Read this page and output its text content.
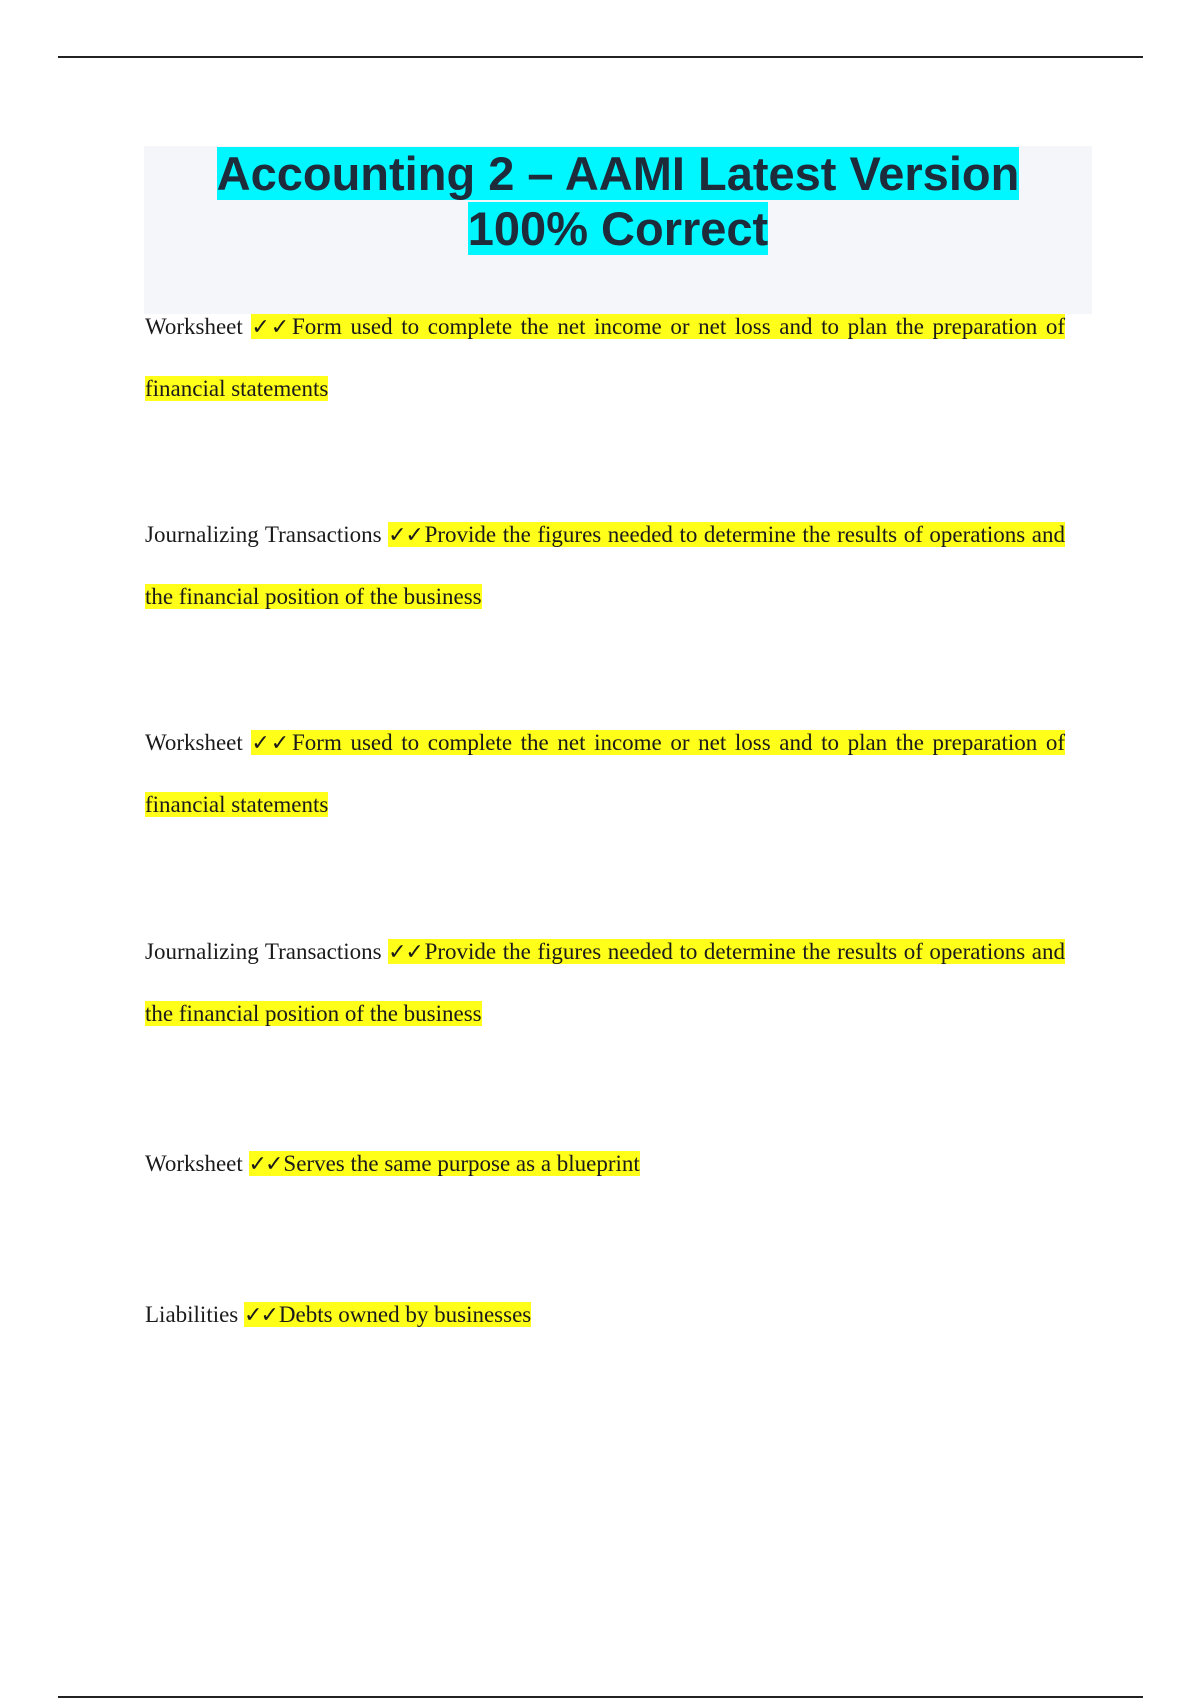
Accounting 2 – AAMI Latest Version
100% Correct
Worksheet ✓✓Form used to complete the net income or net loss and to plan the preparation of financial statements
Journalizing Transactions ✓✓Provide the figures needed to determine the results of operations and the financial position of the business
Worksheet ✓✓Form used to complete the net income or net loss and to plan the preparation of financial statements
Journalizing Transactions ✓✓Provide the figures needed to determine the results of operations and the financial position of the business
Worksheet ✓✓Serves the same purpose as a blueprint
Liabilities ✓✓Debts owned by businesses
